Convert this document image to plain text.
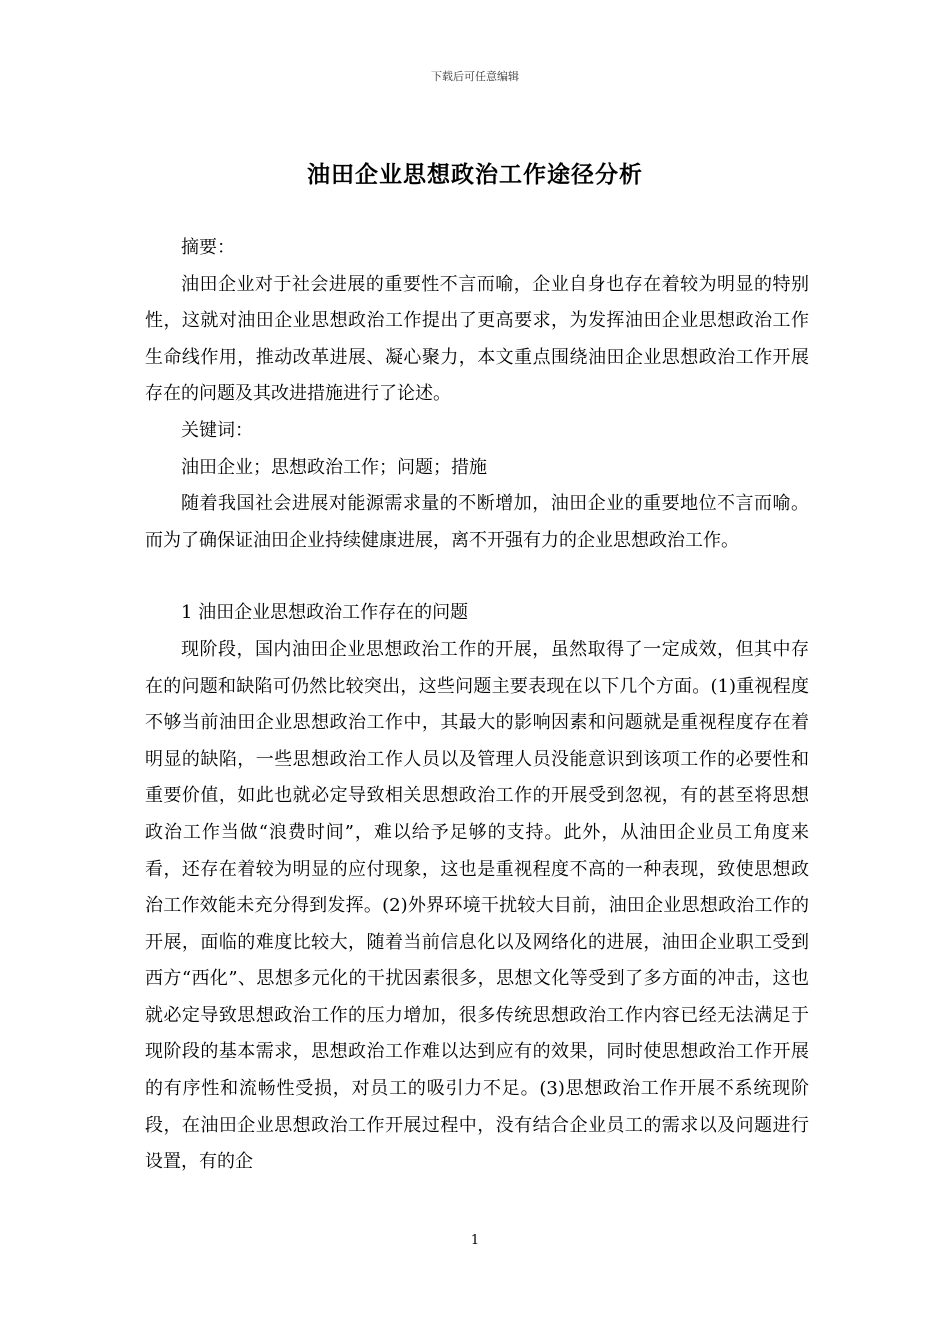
下载后可任意编辑
油田企业思想政治工作途径分析

摘要：

油田企业对于社会进展的重要性不言而喻，企业自身也存在着较为明显的特别性，这就对油田企业思想政治工作提出了更高要求，为发挥油田企业思想政治工作生命线作用，推动改革进展、凝心聚力，本文重点围绕油田企业思想政治工作开展存在的问题及其改进措施进行了论述。

关键词：

油田企业；思想政治工作；问题；措施

随着我国社会进展对能源需求量的不断增加，油田企业的重要地位不言而喻。而为了确保证油田企业持续健康进展，离不开强有力的企业思想政治工作。

1 油田企业思想政治工作存在的问题

现阶段，国内油田企业思想政治工作的开展，虽然取得了一定成效，但其中存在的问题和缺陷可仍然比较突出，这些问题主要表现在以下几个方面。(1)重视程度不够当前油田企业思想政治工作中，其最大的影响因素和问题就是重视程度存在着明显的缺陷，一些思想政治工作人员以及管理人员没能意识到该项工作的必要性和重要价值，如此也就必定导致相关思想政治工作的开展受到忽视，有的甚至将思想政治工作当做“浪费时间”，难以给予足够的支持。此外，从油田企业员工角度来看，还存在着较为明显的应付现象，这也是重视程度不高的一种表现，致使思想政治工作效能未充分得到发挥。(2)外界环境干扰较大目前，油田企业思想政治工作的开展，面临的难度比较大，随着当前信息化以及网络化的进展，油田企业职工受到西方“西化”、思想多元化的干扰因素很多，思想文化等受到了多方面的冲击，这也就必定导致思想政治工作的压力增加，很多传统思想政治工作内容已经无法满足于现阶段的基本需求，思想政治工作难以达到应有的效果，同时使思想政治工作开展的有序性和流畅性受损，对员工的吸引力不足。(3)思想政治工作开展不系统现阶段，在油田企业思想政治工作开展过程中，没有结合企业员工的需求以及问题进行设置，有的企

1
